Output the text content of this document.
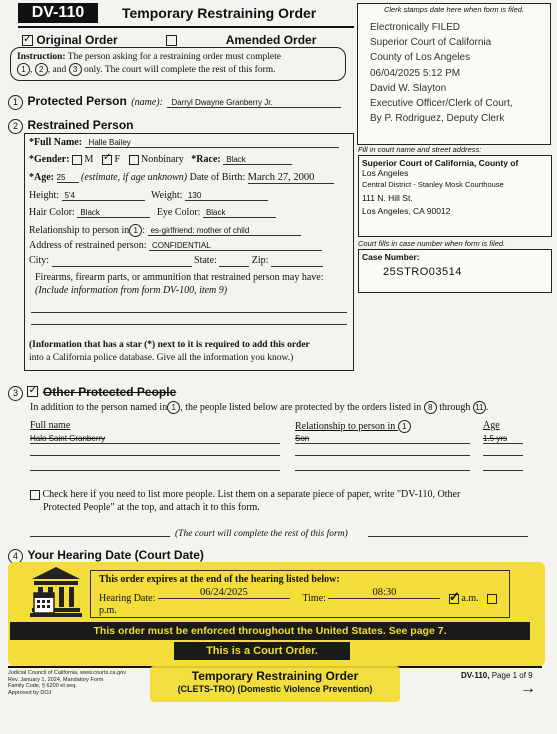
DV-110	Temporary Restraining Order
✓ Original Order	Amended Order
Instruction: The person asking for a restraining order must complete
1 , 2 , and 3 only. The court will complete the rest of this form.
Clerk stamps date here when form is filed.
Electronically FILED
Superior Court of California
County of Los Angeles
06/04/2025 5:12 PM
David W. Slayton
Executive Officer/Clerk of Court,
By P. Rodriguez, Deputy Clerk
Fill in court name and street address:
Superior Court of California, County of
Los Angeles
Central District - Stanley Mosk Courthouse
111 N. Hill St.
Los Angeles, CA 90012
Court fills in case number when form is filed.
Case Number:
25STRO03514
1 Protected Person (name): Darryl Dwayne Granberry Jr.
2 Restrained Person
*Full Name: Halle Bailey
*Gender: M ✓ F Nonbinary *Race: Black
*Age: 25 (estimate, if age unknown) Date of Birth: March 27, 2000
Height: 5'4	Weight: 130
Hair Color: Black	Eye Color: Black
Relationship to person in 1 : es-girlfriend: mother of child
Address of restrained person: CONFIDENTIAL
City:	State:	Zip:
Firearms, firearm parts, or ammunition that restrained person may have:
(Include information from form DV-100, item 9)
(Information that has a star (*) next to it is required to add this order
into a California police database. Give all the information you know.)
3 ✓ Other Protected People
In addition to the person named in 1 , the people listed below are protected by the orders listed in 8 through 11 .
Full name	Relationship to person in 1	Age
Halo Saint Granberry	Son	1.5 yrs
Check here if you need to list more people. List them on a separate piece of paper, write "DV-110, Other
Protected People" at the top, and attach it to this form.
(The court will complete the rest of this form)
4 Your Hearing Date (Court Date)
This order expires at the end of the hearing listed below:
Hearing Date: 06/24/2025 Time: 08:30	✓ a.m.  p.m.
This order must be enforced throughout the United States. See page 7.
This is a Court Order.
Judicial Council of California, www.courts.ca.gov
Rev. January 1, 2024, Mandatory Form
Family Code, § 6200 et seq.
Approved by DOJ
Temporary Restraining Order
(CLETS-TRO) (Domestic Violence Prevention)
DV-110, Page 1 of 9
→
